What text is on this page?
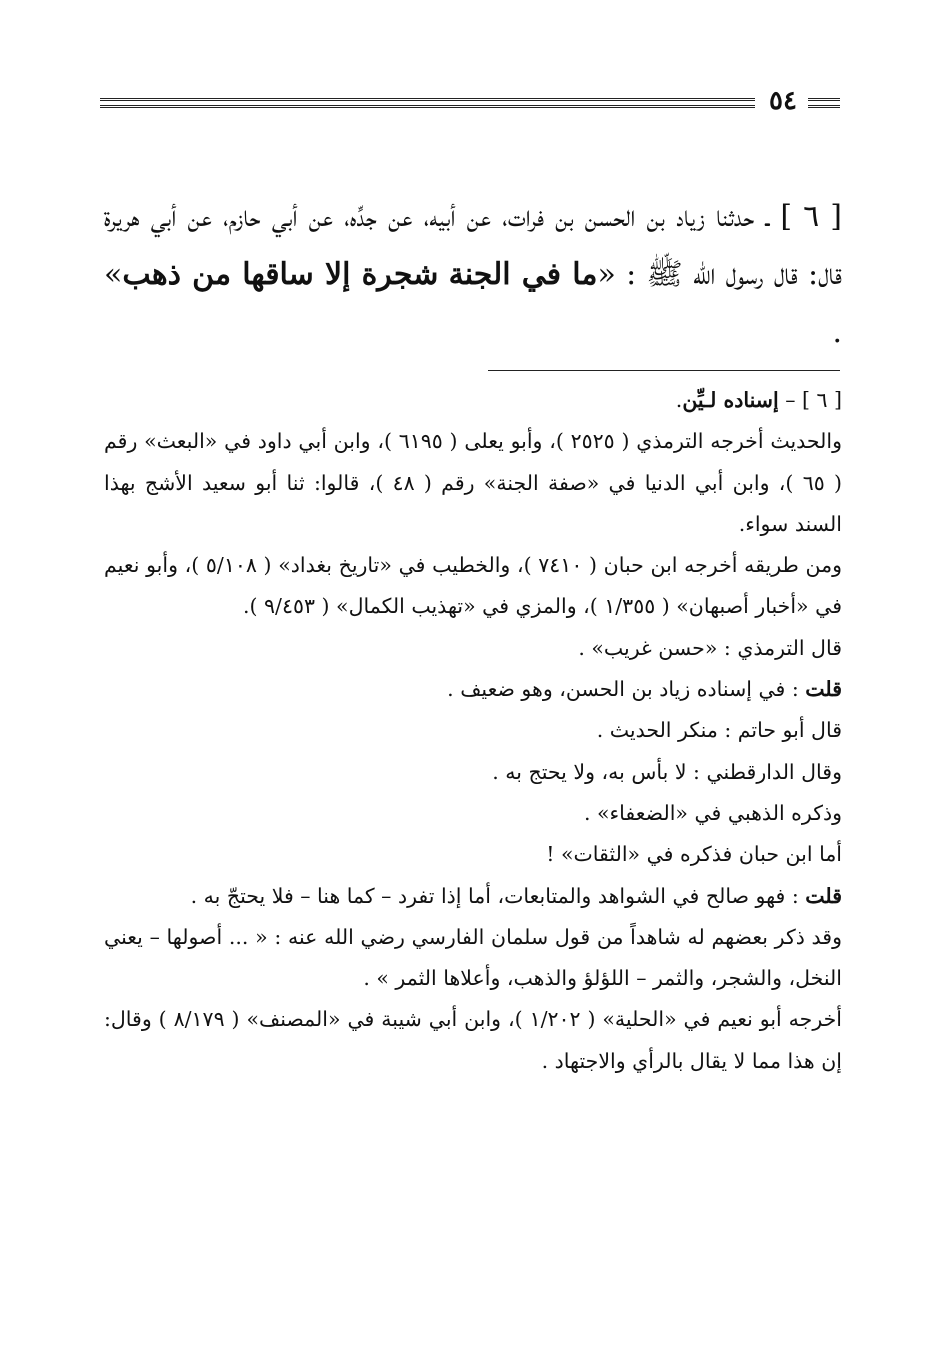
٥٤
[ ٦ ] ـ حدثنا زياد بن الحسن بن فرات، عن أبيه، عن جدِّه، عن أبي حازم، عن أبي هريرة قال: قال رسول الله ﷺ : «ما في الجنة شجرة إلا ساقها من ذهب» .

[ ٦ ] – إسناده لـيِّن.

والحديث أخرجه الترمذي ( ٢٥٢٥ )، وأبو يعلى ( ٦١٩٥ )، وابن أبي داود في «البعث» رقم ( ٦٥ )، وابن أبي الدنيا في «صفة الجنة» رقم ( ٤٨ )، قالوا: ثنا أبو سعيد الأشج بهذا السند سواء.

ومن طريقه أخرجه ابن حبان ( ٧٤١٠ )، والخطيب في «تاريخ بغداد» ( ٥/١٠٨ )، وأبو نعيم في «أخبار أصبهان» ( ١/٣٥٥ )، والمزي في «تهذيب الكمال» ( ٩/٤٥٣ ).

قال الترمذي : «حسن غريب» .

قلت : في إسناده زياد بن الحسن، وهو ضعيف .

قال أبو حاتم : منكر الحديث .

وقال الدارقطني : لا بأس به، ولا يحتج به .

وذكره الذهبي في «الضعفاء» .

أما ابن حبان فذكره في «الثقات» !

قلت : فهو صالح في الشواهد والمتابعات، أما إذا تفرد – كما هنا – فلا يحتجّ به .

وقد ذكر بعضهم له شاهداً من قول سلمان الفارسي رضي الله عنه : « ... أصولها – يعني النخل، والشجر، والثمر – اللؤلؤ والذهب، وأعلاها الثمر » .

أخرجه أبو نعيم في «الحلية» ( ١/٢٠٢ )، وابن أبي شيبة في «المصنف» ( ٨/١٧٩ ) وقال: إن هذا مما لا يقال بالرأي والاجتهاد .
